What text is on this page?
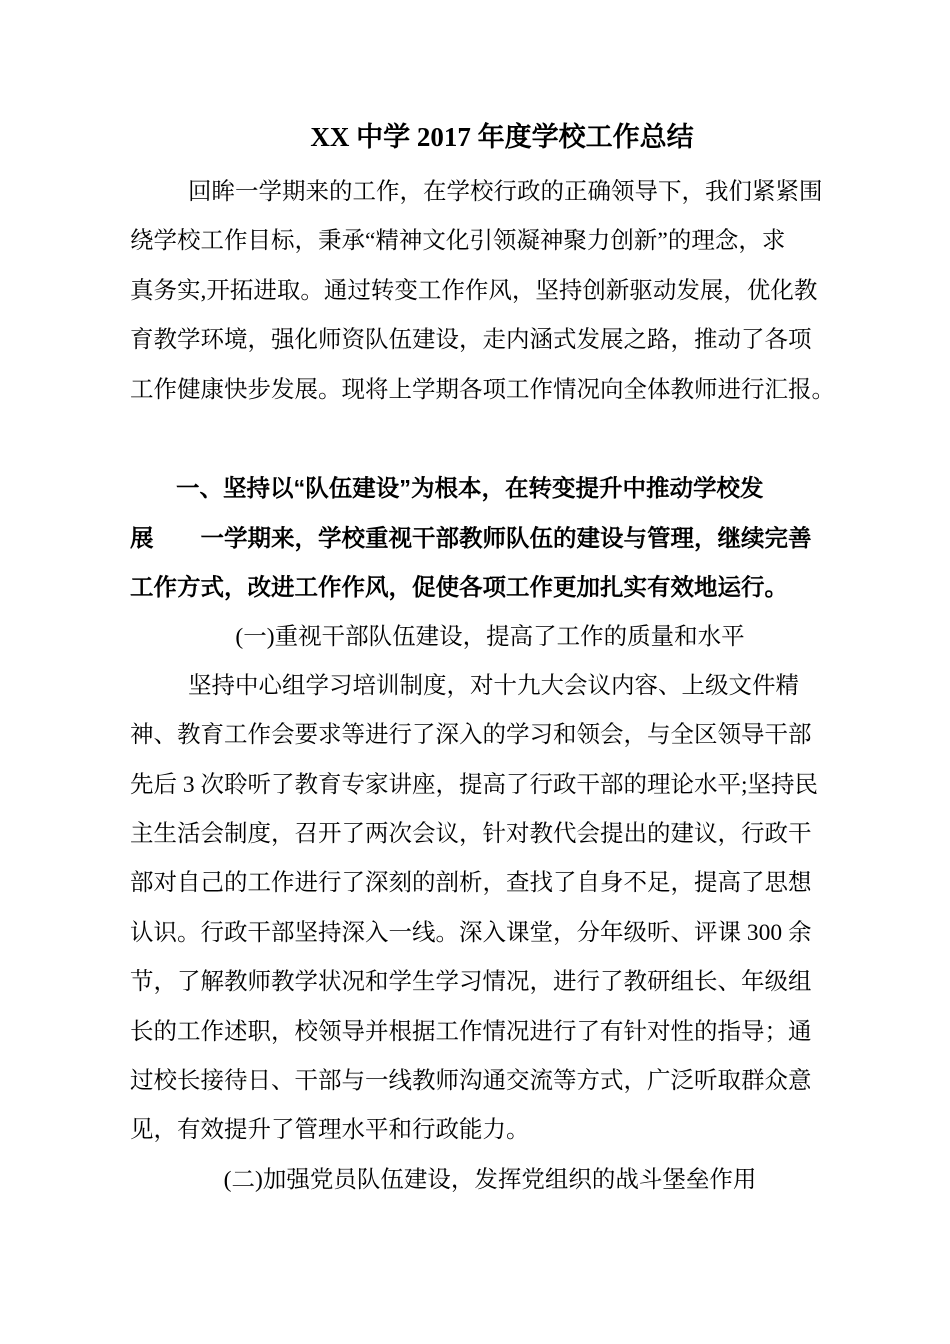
XX 中学 2017 年度学校工作总结
回眸一学期来的工作，在学校行政的正确领导下，我们紧紧围
绕学校工作目标，秉承“精神文化引领凝神聚力创新”的理念，求
真务实,开拓进取。通过转变工作作风，坚持创新驱动发展，优化教
育教学环境，强化师资队伍建设，走内涵式发展之路，推动了各项
工作健康快步发展。现将上学期各项工作情况向全体教师进行汇报。

一、坚持以“队伍建设”为根本，在转变提升中推动学校发
展　　一学期来，学校重视干部教师队伍的建设与管理，继续完善
工作方式，改进工作作风，促使各项工作更加扎实有效地运行。
(一)重视干部队伍建设，提高了工作的质量和水平
坚持中心组学习培训制度，对十九大会议内容、上级文件精
神、教育工作会要求等进行了深入的学习和领会，与全区领导干部
先后 3 次聆听了教育专家讲座，提高了行政干部的理论水平;坚持民
主生活会制度，召开了两次会议，针对教代会提出的建议，行政干
部对自己的工作进行了深刻的剖析，查找了自身不足，提高了思想
认识。行政干部坚持深入一线。深入课堂，分年级听、评课 300 余
节，了解教师教学状况和学生学习情况，进行了教研组长、年级组
长的工作述职，校领导并根据工作情况进行了有针对性的指导；通
过校长接待日、干部与一线教师沟通交流等方式，广泛听取群众意
见，有效提升了管理水平和行政能力。
(二)加强党员队伍建设，发挥党组织的战斗堡垒作用
